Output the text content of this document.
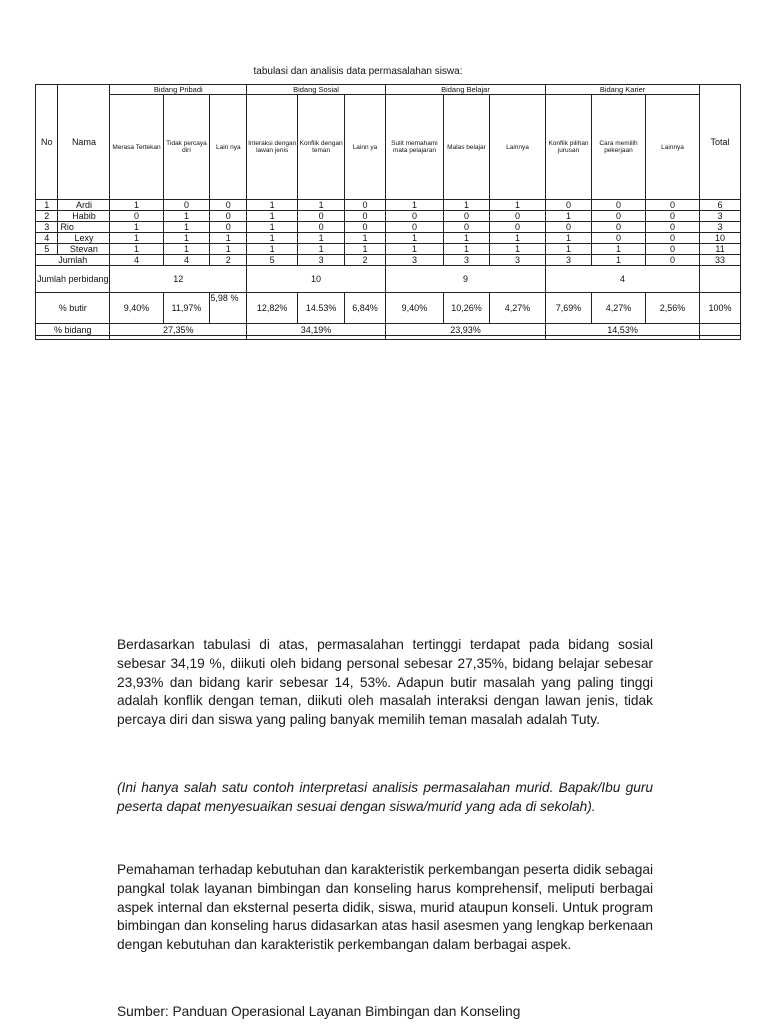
tabulasi dan analisis data permasalahan siswa:
No	Nama	Bidang Pribadi			Bidang Sosial			Bidang Belajar			Bidang Karier			Total
		Merasa Tertekan	Tidak percaya diri	Lain nya	Interaksi dengan lawan jenis	Konflik dengan teman	Lainn ya	Sulit memahami mata pelajaran	Malas belajar	Lainnya	Konflik pilihan jurusan	Cara memilih pekerjaan	Lainnya	
1	Ardi	1	0	0	1	1	0	1	1	1	0	0	0	6
2	Habib	0	1	0	1	0	0	0	0	0	1	0	0	3
3	Rio	1	1	0	1	0	0	0	0	0	0	0	0	3
4	Lexy	1	1	1	1	1	1	1	1	1	1	0	0	10
5	Stevan	1	1	1	1	1	1	1	1	1	1	1	0	11
Jumlah		4	4	2	5	3	2	3	3	3	3	1	0	33
Jumlah perbidang		12			10			9			4			
% butir		9,40%	11,97%	5,98 %	12,82%	14.53%	6,84%	9,40%	10,26%	4,27%	7,69%	4,27%	2,56%	100%
% bidang		27,35%			34,19%			23,93%			14,53%			

Berdasarkan tabulasi di atas, permasalahan tertinggi terdapat pada bidang sosial sebesar 34,19 %, diikuti oleh bidang personal sebesar 27,35%, bidang belajar sebesar 23,93% dan bidang karir sebesar 14, 53%. Adapun butir masalah yang paling tinggi adalah konflik dengan teman, diikuti oleh masalah interaksi dengan lawan jenis, tidak percaya diri dan siswa yang paling banyak memilih teman masalah adalah Tuty.

(Ini hanya salah satu contoh interpretasi analisis permasalahan murid. Bapak/Ibu guru peserta dapat menyesuaikan sesuai dengan siswa/murid yang ada di sekolah).

Pemahaman terhadap kebutuhan dan karakteristik perkembangan peserta didik sebagai pangkal tolak layanan bimbingan dan konseling harus komprehensif, meliputi berbagai aspek internal dan eksternal peserta didik, siswa, murid ataupun konseli. Untuk program bimbingan dan konseling harus didasarkan atas hasil asesmen yang lengkap berkenaan dengan kebutuhan dan karakteristik perkembangan dalam berbagai aspek.

Sumber: Panduan Operasional Layanan Bimbingan dan Konseling
